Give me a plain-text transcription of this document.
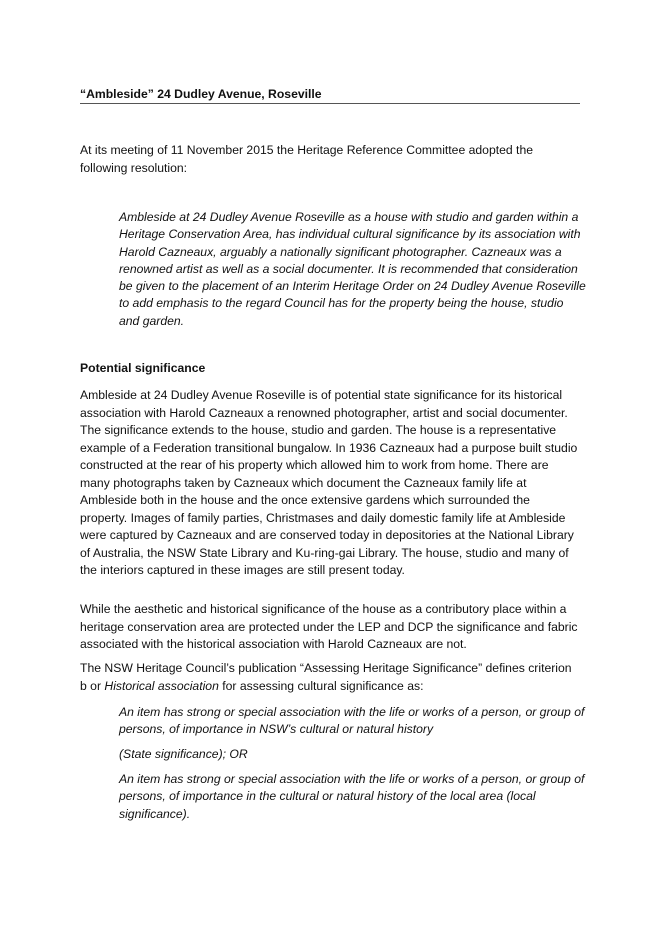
“Ambleside” 24 Dudley Avenue, Roseville

At its meeting of 11 November 2015 the Heritage Reference Committee adopted the following resolution:

Ambleside at 24 Dudley Avenue Roseville as a house with studio and garden within a Heritage Conservation Area, has individual cultural significance by its association with Harold Cazneaux, arguably a nationally significant photographer. Cazneaux was a renowned artist as well as a social documenter. It is recommended that consideration be given to the placement of an Interim Heritage Order on 24 Dudley Avenue Roseville to add emphasis to the regard Council has for the property being the house, studio and garden.

Potential significance

Ambleside at 24 Dudley Avenue Roseville is of potential state significance for its historical association with Harold Cazneaux a renowned photographer, artist and social documenter. The significance extends to the house, studio and garden. The house is a representative example of a Federation transitional bungalow. In 1936 Cazneaux had a purpose built studio constructed at the rear of his property which allowed him to work from home. There are many photographs taken by Cazneaux which document the Cazneaux family life at Ambleside both in the house and the once extensive gardens which surrounded the property. Images of family parties, Christmases and daily domestic family life at Ambleside were captured by Cazneaux and are conserved today in depositories at the National Library of Australia, the NSW State Library and Ku-ring-gai Library. The house, studio and many of the interiors captured in these images are still present today.

While the aesthetic and historical significance of the house as a contributory place within a heritage conservation area are protected under the LEP and DCP the significance and fabric associated with the historical association with Harold Cazneaux are not.

The NSW Heritage Council’s publication “Assessing Heritage Significance” defines criterion b or Historical association for assessing cultural significance as:

An item has strong or special association with the life or works of a person, or group of persons, of importance in NSW’s cultural or natural history

(State significance); OR

An item has strong or special association with the life or works of a person, or group of persons, of importance in the cultural or natural history of the local area (local significance).
